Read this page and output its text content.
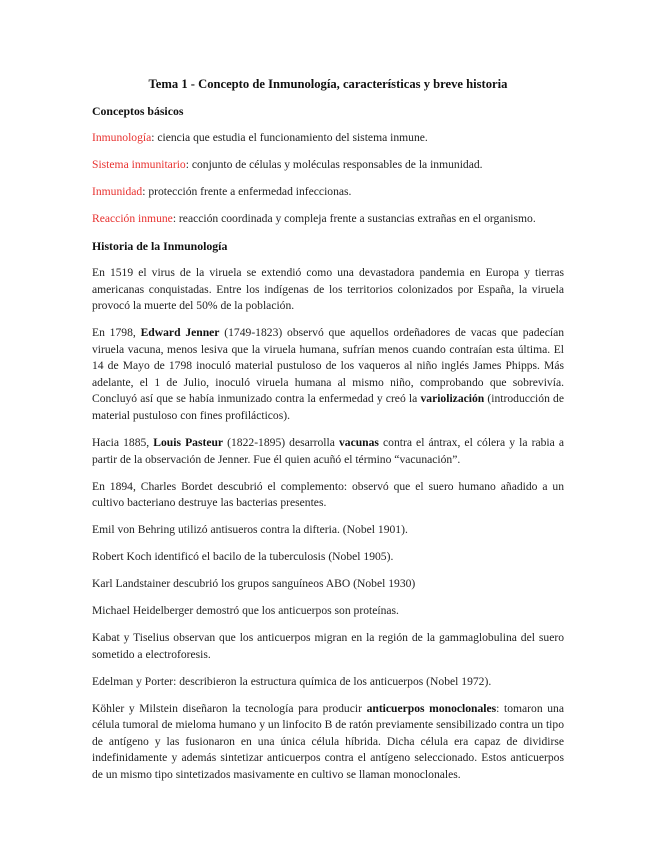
Tema 1 - Concepto de Inmunología, características y breve historia
Conceptos básicos

Inmunología: ciencia que estudia el funcionamiento del sistema inmune.

Sistema inmunitario: conjunto de células y moléculas responsables de la inmunidad.

Inmunidad: protección frente a enfermedad infeccionas.

Reacción inmune: reacción coordinada y compleja frente a sustancias extrañas en el organismo.

Historia de la Inmunología

En 1519 el virus de la viruela se extendió como una devastadora pandemia en Europa y tierras americanas conquistadas. Entre los indígenas de los territorios colonizados por España, la viruela provocó la muerte del 50% de la población.

En 1798, Edward Jenner (1749-1823) observó que aquellos ordeñadores de vacas que padecían viruela vacuna, menos lesiva que la viruela humana, sufrían menos cuando contraían esta última. El 14 de Mayo de 1798 inoculó material pustuloso de los vaqueros al niño inglés James Phipps. Más adelante, el 1 de Julio, inoculó viruela humana al mismo niño, comprobando que sobrevivía. Concluyó así que se había inmunizado contra la enfermedad y creó la variolización (introducción de material pustuloso con fines profilácticos).

Hacia 1885, Louis Pasteur (1822-1895) desarrolla vacunas contra el ántrax, el cólera y la rabia a partir de la observación de Jenner. Fue él quien acuñó el término “vacunación”.

En 1894, Charles Bordet descubrió el complemento: observó que el suero humano añadido a un cultivo bacteriano destruye las bacterias presentes.

Emil von Behring utilizó antisueros contra la difteria. (Nobel 1901).

Robert Koch identificó el bacilo de la tuberculosis (Nobel 1905).

Karl Landstainer descubrió los grupos sanguíneos ABO (Nobel 1930)

Michael Heidelberger demostró que los anticuerpos son proteínas.

Kabat y Tiselius observan que los anticuerpos migran en la región de la gammaglobulina del suero sometido a electroforesis.

Edelman y Porter: describieron la estructura química de los anticuerpos (Nobel 1972).

Köhler y Milstein diseñaron la tecnología para producir anticuerpos monoclonales: tomaron una célula tumoral de mieloma humano y un linfocito B de ratón previamente sensibilizado contra un tipo de antígeno y las fusionaron en una única célula híbrida. Dicha célula era capaz de dividirse indefinidamente y además sintetizar anticuerpos contra el antígeno seleccionado. Estos anticuerpos de un mismo tipo sintetizados masivamente en cultivo se llaman monoclonales.
